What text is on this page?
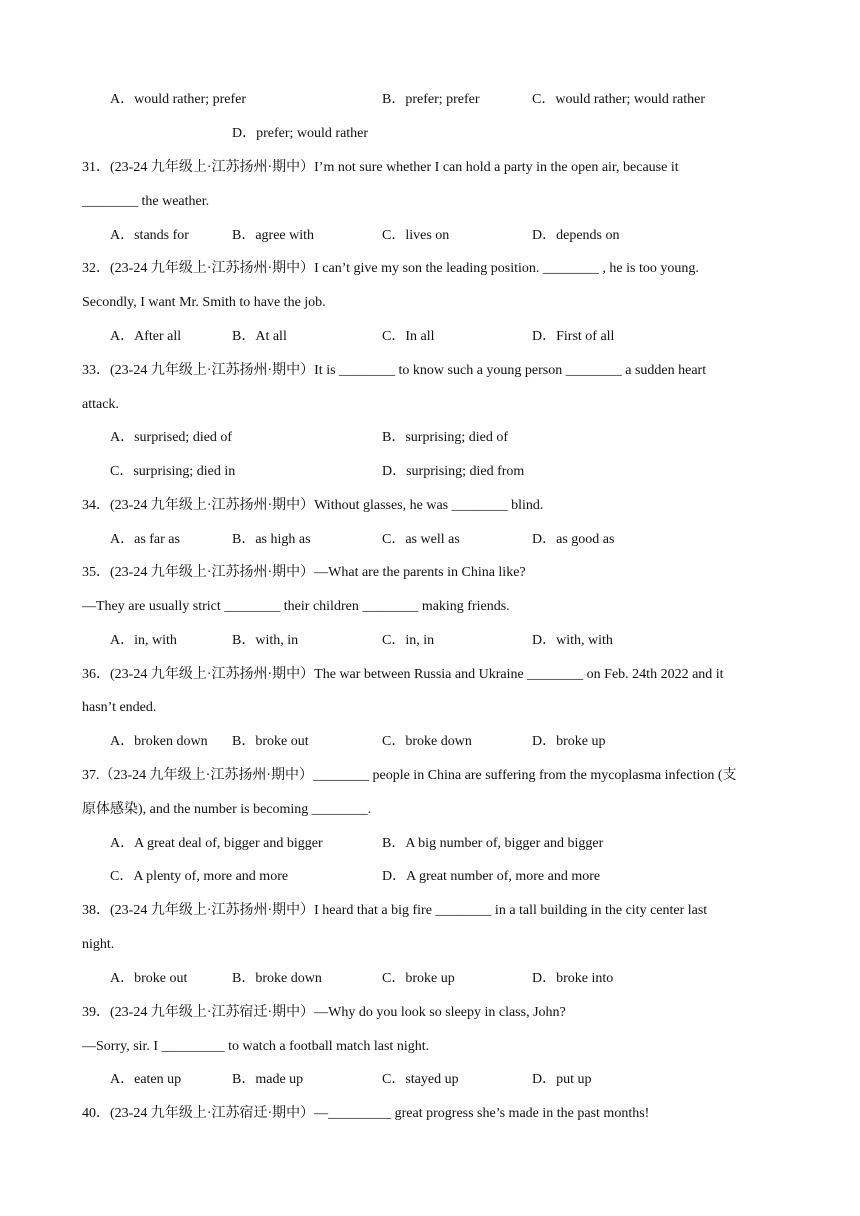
A．would rather; prefer	B．prefer; prefer	C．would rather; would rather
D．prefer; would rather
31．(23-24 九年级上·江苏扬州·期中）I’m not sure whether I can hold a party in the open air, because it
________ the weather.
A．stands for	B．agree with	C．lives on	D．depends on
32．(23-24 九年级上·江苏扬州·期中）I can’t give my son the leading position. ________ , he is too young.
Secondly, I want Mr. Smith to have the job.
A．After all	B．At all	C．In all	D．First of all
33．(23-24 九年级上·江苏扬州·期中）It is ________ to know such a young person ________ a sudden heart
attack.
A．surprised; died of	B．surprising; died of
C．surprising; died in	D．surprising; died from
34．(23-24 九年级上·江苏扬州·期中）Without glasses, he was ________ blind.
A．as far as	B．as high as	C．as well as	D．as good as
35．(23-24 九年级上·江苏扬州·期中）—What are the parents in China like?
—They are usually strict ________ their children ________ making friends.
A．in, with	B．with, in	C．in, in	D．with, with
36．(23-24 九年级上·江苏扬州·期中）The war between Russia and Ukraine ________ on Feb. 24th 2022 and it
hasn’t ended.
A．broken down B．broke out	C．broke down	D．broke up
37.（23-24 九年级上·江苏扬州·期中）________ people in China are suffering from the mycoplasma infection (支
原体感染), and the number is becoming ________.
A．A great deal of, bigger and bigger	B．A big number of, bigger and bigger
C．A plenty of, more and more	D．A great number of, more and more
38．(23-24 九年级上·江苏扬州·期中）I heard that a big fire ________ in a tall building in the city center last
night.
A．broke out	B．broke down	C．broke up	D．broke into
39．(23-24 九年级上·江苏宿迁·期中）—Why do you look so sleepy in class, John?
—Sorry, sir. I _________ to watch a football match last night.
A．eaten up	B．made up	C．stayed up	D．put up
40．(23-24 九年级上·江苏宿迁·期中）—_________ great progress she’s made in the past months!
